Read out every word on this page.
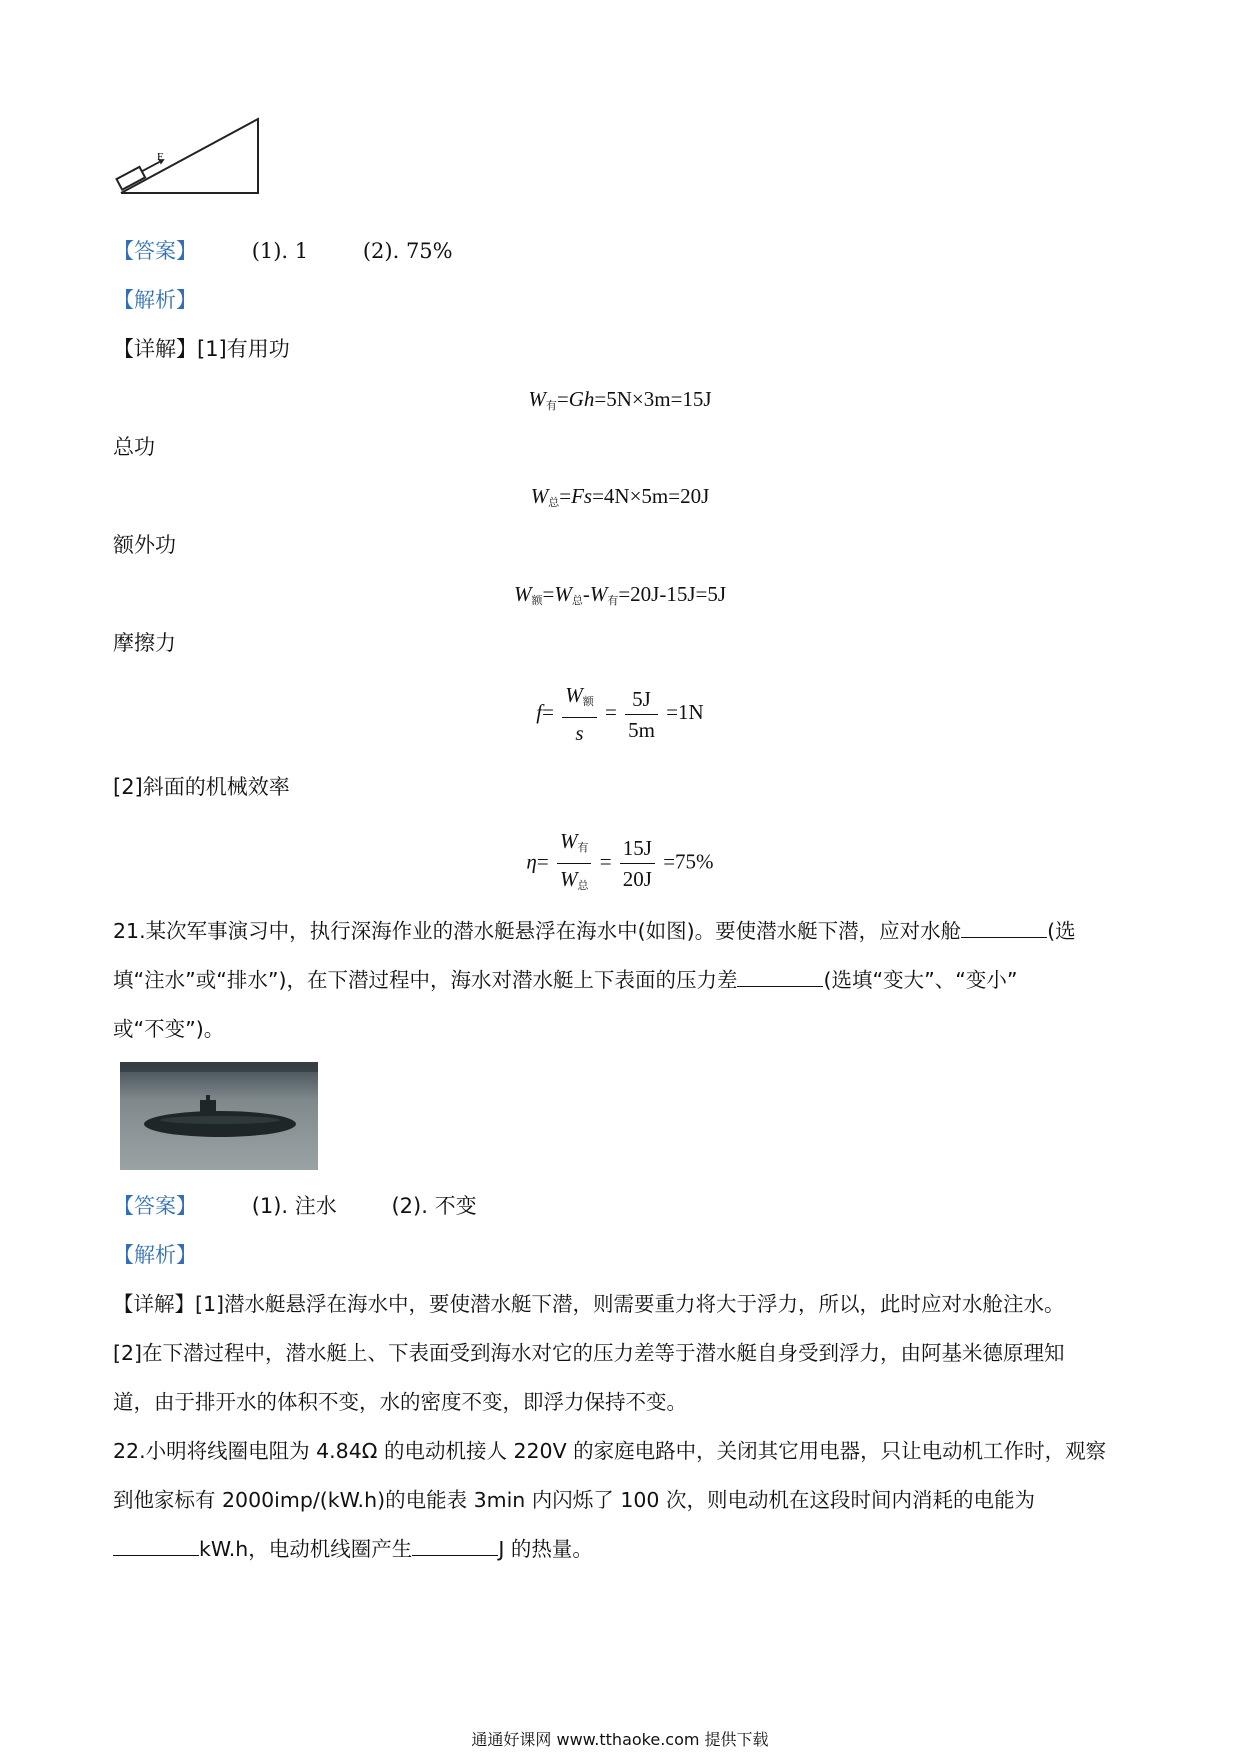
F
【答案】	(1). 1	(2). 75%
【解析】
【详解】[1]有用功
$W_有=Gh=5N\times 3m=15J$
总功
$W_总=Fs=4N\times 5m=20J$
额外功
$W_额=W_总-W_有=20J-15J=5J$
摩擦力
$f= \frac{W_额}{s} = \frac{5J}{5m} =1N$
[2]斜面的机械效率
$\eta= \frac{W_有}{W_总} = \frac{15J}{20J} =75\%$
21.某次军事演习中，执行深海作业的潜水艇悬浮在海水中(如图)。要使潜水艇下潜，应对水舱	(选
填“注水”或“排水”)，在下潜过程中，海水对潜水艇上下表面的压力差	(选填“变大”、“变小”
或“不变”)。
【答案】	(1). 注水	(2). 不变
【解析】
【详解】[1]潜水艇悬浮在海水中，要使潜水艇下潜，则需要重力将大于浮力，所以，此时应对水舱注水。
[2]在下潜过程中，潜水艇上、下表面受到海水对它的压力差等于潜水艇自身受到浮力，由阿基米德原理知
道，由于排开水的体积不变，水的密度不变，即浮力保持不变。
22.小明将线圈电阻为 4.84Ω 的电动机接人 220V 的家庭电路中，关闭其它用电器，只让电动机工作时，观察
到他家标有 2000imp/(kW.h)的电能表 3min 内闪烁了 100 次，则电动机在这段时间内消耗的电能为
kW.h，电动机线圈产生	J 的热量。
通通好课网 www.tthaoke.com 提供下载
